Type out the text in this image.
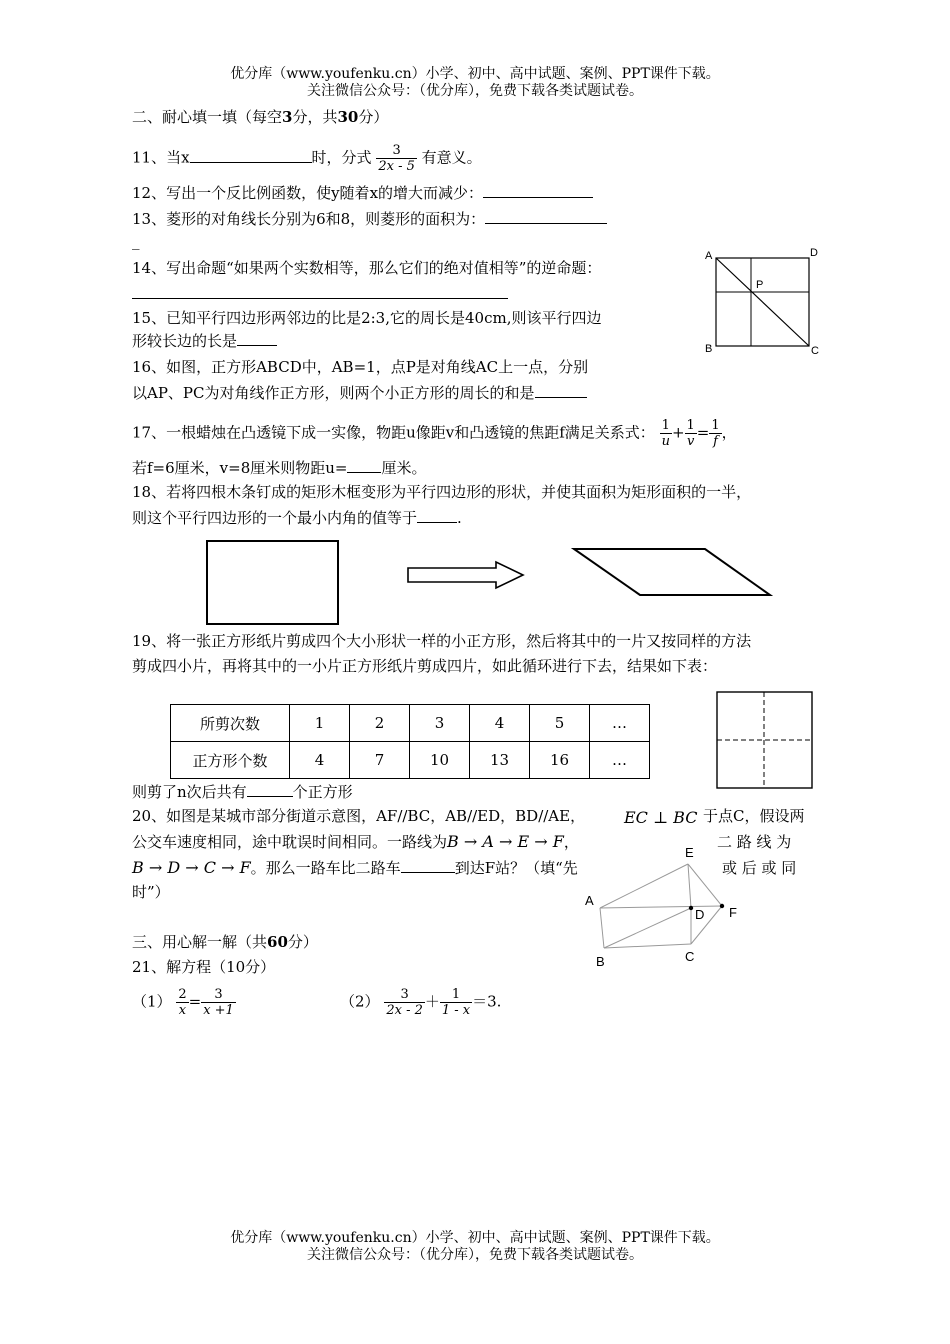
优分库（www.youfenku.cn）小学、初中、高中试题、案例、PPT课件下载。
关注微信公众号：（优分库），免费下载各类试题试卷。
二、耐心填一填（每空3分，共30分）
11、当x	时，分式 $\frac{3}{2x - 5}$ 有意义。
12、写出一个反比例函数，使y随着x的增大而减少：
13、菱形的对角线长分别为6和8，则菱形的面积为：
_
14、写出命题“如果两个实数相等，那么它们的绝对值相等”的逆命题：
15、已知平行四边形两邻边的比是2:3,它的周长是40cm,则该平行四边
形较长边的长是
16、如图，正方形ABCD中，AB=1，点P是对角线AC上一点，分别
以AP、PC为对角线作正方形，则两个小正方形的周长的和是
A	D
B	C
P
17、一根蜡烛在凸透镜下成一实像，物距u像距v和凸透镜的焦距f满足关系式： $\frac{1}{u} + \frac{1}{v} = \frac{1}{f}$ ，
若f=6厘米，v=8厘米则物距u= 厘米。
18、若将四根木条钉成的矩形木框变形为平行四边形的形状，并使其面积为矩形面积的一半，
则这个平行四边形的一个最小内角的值等于	.
19、将一张正方形纸片剪成四个大小形状一样的小正方形，然后将其中的一片又按同样的方法
剪成四小片，再将其中的一小片正方形纸片剪成四片，如此循环进行下去，结果如下表：
所剪次数	1	2	3	4	5	…
正方形个数	4	7	10	13	16	…
则剪了n次后共有	个正方形
20、如图是某城市部分街道示意图，AF//BC，AB//ED，BD//AE， EC ⊥ BC 于点C，假设两
公交车速度相同，途中耽误时间相同。一路线为B → A → E → F，	二 路 线 为
B → D → C → F。那么一路车比二路车	到达F站？（填“先	或 后 或 同
时”）
E
A
D F
B	C
三、用心解一解（共60分）
21、解方程（10分）
$(1) \frac{2}{x} = \frac{3}{x +1}$	$(2) \frac{3}{2x - 2} + \frac{1}{1 - x} =3$.
优分库（www.youfenku.cn）小学、初中、高中试题、案例、PPT课件下载。
关注微信公众号：（优分库），免费下载各类试题试卷。
